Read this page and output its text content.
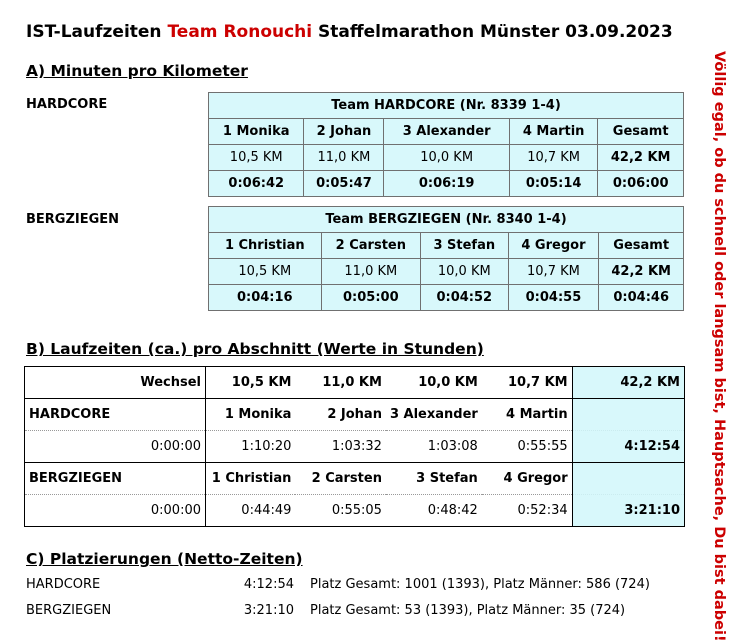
IST-Laufzeiten Team Ronouchi Staffelmarathon Münster 03.09.2023
Völlig egal, ob du schnell oder langsam bist, Hauptsache, Du bist dabei!
A) Minuten pro Kilometer
HARDCORE	Team HARDCORE (Nr. 8339 1-4)				
1 Monika	2 Johan	3 Alexander	4 Martin	Gesamt
10,5 KM	11,0 KM	10,0 KM	10,7 KM	42,2 KM
0:06:42	0:05:47	0:06:19	0:05:14	0:06:00
BERGZIEGEN	Team BERGZIEGEN (Nr. 8340 1-4)				
1 Christian	2 Carsten	3 Stefan	4 Gregor	Gesamt
10,5 KM	11,0 KM	10,0 KM	10,7 KM	42,2 KM
0:04:16	0:05:00	0:04:52	0:04:55	0:04:46
B) Laufzeiten (ca.) pro Abschnitt (Werte in Stunden)
Wechsel	10,5 KM	11,0 KM	10,0 KM	10,7 KM	42,2 KM
HARDCORE	1 Monika	2 Johan	3 Alexander	4 Martin	
0:00:00	1:10:20	1:03:32	1:03:08	0:55:55	4:12:54
BERGZIEGEN	1 Christian	2 Carsten	3 Stefan	4 Gregor	
0:00:00	0:44:49	0:55:05	0:48:42	0:52:34	3:21:10
C) Platzierungen (Netto-Zeiten)
HARDCORE	4:12:54 Platz Gesamt: 1001 (1393), Platz Männer: 586 (724)
BERGZIEGEN	3:21:10 Platz Gesamt: 53 (1393), Platz Männer: 35 (724)
